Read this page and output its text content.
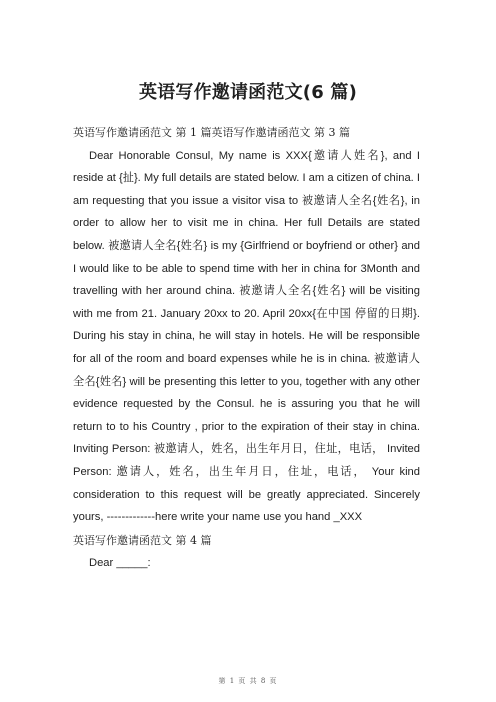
英语写作邀请函范文(6 篇)

英语写作邀请函范文 第 1 篇英语写作邀请函范文 第 3 篇

Dear Honorable Consul, My name is XXX{邀请人姓名}, and I reside at {扯}. My full details are stated below. I am a citizen of china. I am requesting that you issue a visitor visa to 被邀请人全名{姓名}, in order to allow her to visit me in china. Her full Details are stated below. 被邀请人全名{姓名} is my {Girlfriend or boyfriend or other} and I would like to be able to spend time with her in china for 3Month and travelling with her around china. 被邀请人全名{姓名} will be visiting with me from 21. January 20xx to 20. April 20xx{在中国 停留的日期}. During his stay in china, he will stay in hotels. He will be responsible for all of the room and board expenses while he is in china. 被邀请人全名{姓名} will be presenting this letter to you, together with any other evidence requested by the Consul. he is assuring you that he will return to to his Country , prior to the expiration of their stay in china. Inviting Person: 被邀请人，姓名，出生年月日，住址，电话， Invited Person: 邀请人，姓名，出生年月日，住址，电话， Your kind consideration to this request will be greatly appreciated. Sincerely yours, -------------here write your name use you hand _XXX

英语写作邀请函范文 第 4 篇

Dear _____:

第 1 页 共 8 页
